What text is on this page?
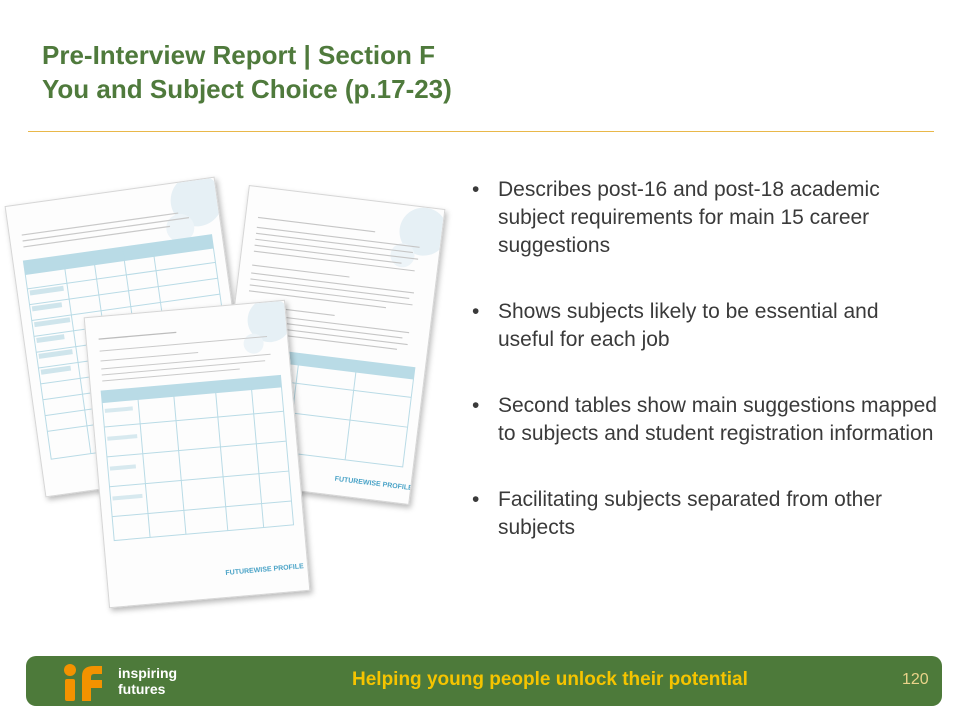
Pre-Interview Report | Section F
You and Subject Choice (p.17-23)
FUTUREWISE PROFILE
FUTUREWISE PROFILE
• Describes post-16 and post-18 academic subject requirements for main 15 career suggestions
• Shows subjects likely to be essential and useful for each job
• Second tables show main suggestions mapped to subjects and student registration information
• Facilitating subjects separated from other subjects
inspiring
futures	Helping young people unlock their potential	120
